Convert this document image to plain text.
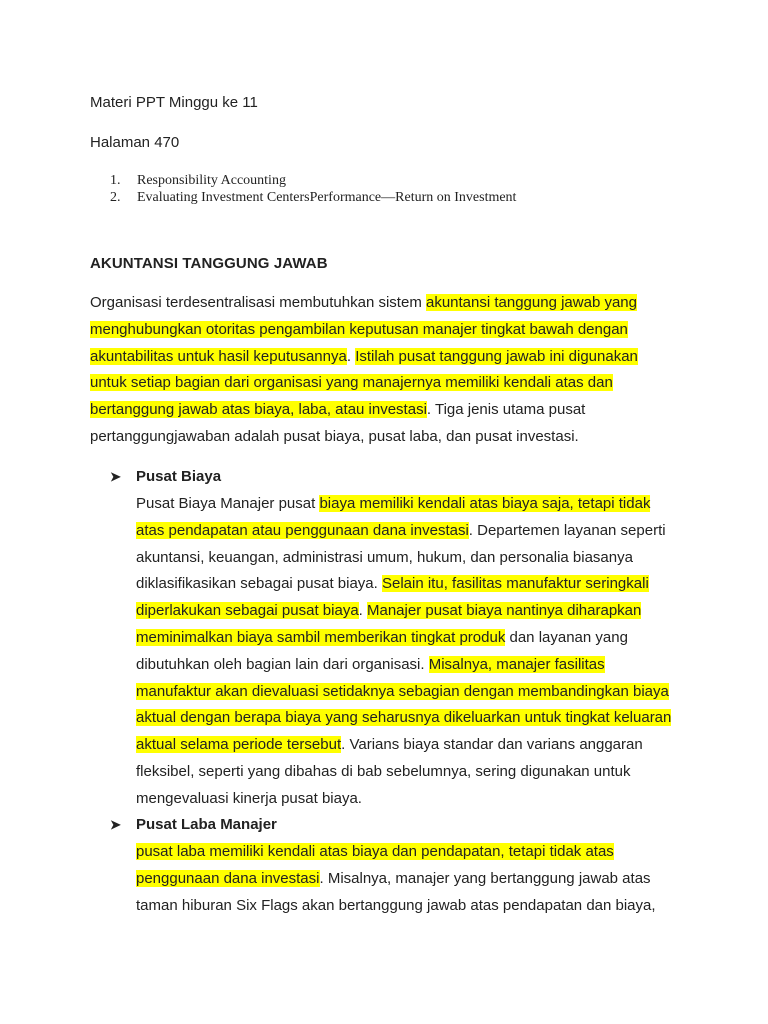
Materi PPT Minggu ke 11

Halaman 470

1. Responsibility Accounting
2. Evaluating Investment CentersPerformance—Return on Investment
AKUNTANSI TANGGUNG JAWAB
Organisasi terdesentralisasi membutuhkan sistem akuntansi tanggung jawab yang
menghubungkan otoritas pengambilan keputusan manajer tingkat bawah dengan
akuntabilitas untuk hasil keputusannya. Istilah pusat tanggung jawab ini digunakan
untuk setiap bagian dari organisasi yang manajernya memiliki kendali atas dan
bertanggung jawab atas biaya, laba, atau investasi. Tiga jenis utama pusat
pertanggungjawaban adalah pusat biaya, pusat laba, dan pusat investasi.

➤ Pusat Biaya

Pusat Biaya Manajer pusat biaya memiliki kendali atas biaya saja, tetapi tidak
atas pendapatan atau penggunaan dana investasi. Departemen layanan seperti
akuntansi, keuangan, administrasi umum, hukum, dan personalia biasanya
diklasifikasikan sebagai pusat biaya. Selain itu, fasilitas manufaktur seringkali
diperlakukan sebagai pusat biaya. Manajer pusat biaya nantinya diharapkan
meminimalkan biaya sambil memberikan tingkat produk dan layanan yang
dibutuhkan oleh bagian lain dari organisasi. Misalnya, manajer fasilitas
manufaktur akan dievaluasi setidaknya sebagian dengan membandingkan biaya
aktual dengan berapa biaya yang seharusnya dikeluarkan untuk tingkat keluaran
aktual selama periode tersebut. Varians biaya standar dan varians anggaran
fleksibel, seperti yang dibahas di bab sebelumnya, sering digunakan untuk
mengevaluasi kinerja pusat biaya.

➤ Pusat Laba Manajer

pusat laba memiliki kendali atas biaya dan pendapatan, tetapi tidak atas
penggunaan dana investasi. Misalnya, manajer yang bertanggung jawab atas
taman hiburan Six Flags akan bertanggung jawab atas pendapatan dan biaya,
